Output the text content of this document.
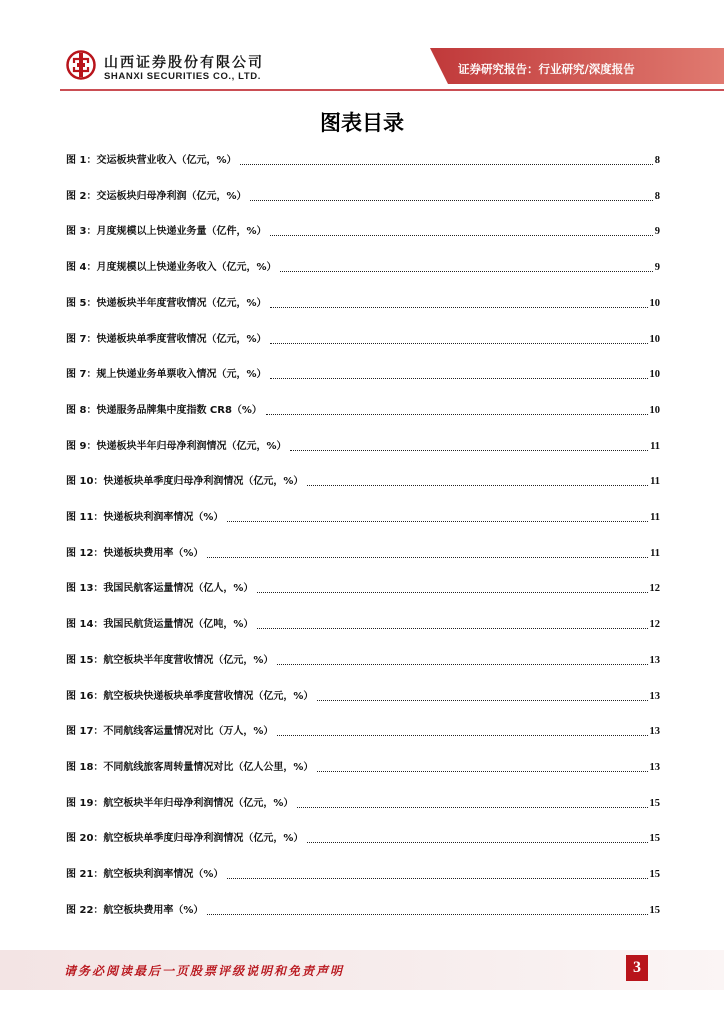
山西证券股份有限公司
SHANXI SECURITIES CO., LTD.
证券研究报告：行业研究/深度报告
图表目录
图 1：交运板块营业收入（亿元，%）	8
图 2：交运板块归母净利润（亿元，%）	8
图 3：月度规模以上快递业务量（亿件，%）	9
图 4：月度规模以上快递业务收入（亿元，%）	9
图 5：快递板块半年度营收情况（亿元，%）	10
图 7：快递板块单季度营收情况（亿元，%）	10
图 7：规上快递业务单票收入情况（元，%）	10
图 8：快递服务品牌集中度指数 CR8（%）	10
图 9：快递板块半年归母净利润情况（亿元，%）	11
图 10：快递板块单季度归母净利润情况（亿元，%）	11
图 11：快递板块利润率情况（%）	11
图 12：快递板块费用率（%）	11
图 13：我国民航客运量情况（亿人，%）	12
图 14：我国民航货运量情况（亿吨，%）	12
图 15：航空板块半年度营收情况（亿元，%）	13
图 16：航空板块快递板块单季度营收情况（亿元，%）	13
图 17：不同航线客运量情况对比（万人，%）	13
图 18：不同航线旅客周转量情况对比（亿人公里，%）	13
图 19：航空板块半年归母净利润情况（亿元，%）	15
图 20：航空板块单季度归母净利润情况（亿元，%）	15
图 21：航空板块利润率情况（%）	15
图 22：航空板块费用率（%）	15
请务必阅读最后一页股票评级说明和免责声明	3
